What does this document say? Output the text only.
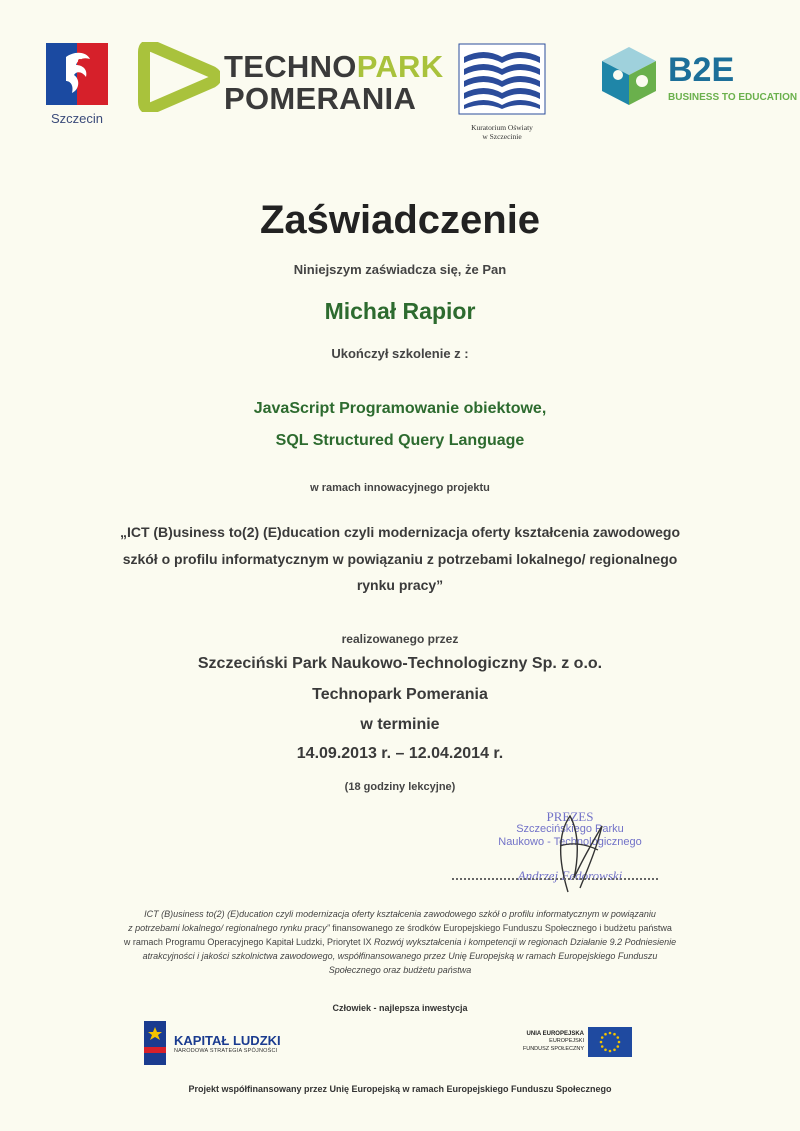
Szczecin
TECHNOPARK
POMERANIA
Kuratorium Oświaty
w Szczecinie
B2E
BUSINESS TO EDUCATION
Zaświadczenie
Niniejszym zaświadcza się, że Pan
Michał Rapior
Ukończył szkolenie z :
JavaScript Programowanie obiektowe,
SQL Structured Query Language
w ramach innowacyjnego projektu
„ICT (B)usiness to(2) (E)ducation czyli modernizacja oferty kształcenia zawodowego
szkół o profilu informatycznym w powiązaniu z potrzebami lokalnego/ regionalnego
rynku pracy”
realizowanego przez
Szczeciński Park Naukowo-Technologiczny Sp. z o.o.
Technopark Pomerania
w terminie
14.09.2013 r. – 12.04.2014 r.
(18 godziny lekcyjne)
PREZES
Szczecińskiego Parku
Naukowo - Technologicznego
Andrzej Fedorowski
ICT (B)usiness to(2) (E)ducation czyli modernizacja oferty kształcenia zawodowego szkół o profilu informatycznym w powiązaniu
z potrzebami lokalnego/ regionalnego rynku pracy” finansowanego ze środków Europejskiego Funduszu Społecznego i budżetu państwa
w ramach Programu Operacyjnego Kapitał Ludzki, Priorytet IX Rozwój wykształcenia i kompetencji w regionach Działanie 9.2 Podniesienie
atrakcyjności i jakości szkolnictwa zawodowego, współfinansowanego przez Unię Europejską w ramach Europejskiego Funduszu
Społecznego oraz budżetu państwa
Człowiek - najlepsza inwestycja
KAPITAŁ LUDZKI
NARODOWA STRATEGIA SPÓJNOŚCI
UNIA EUROPEJSKA
EUROPEJSKI
FUNDUSZ SPOŁECZNY
Projekt współfinansowany przez Unię Europejską w ramach Europejskiego Funduszu Społecznego
